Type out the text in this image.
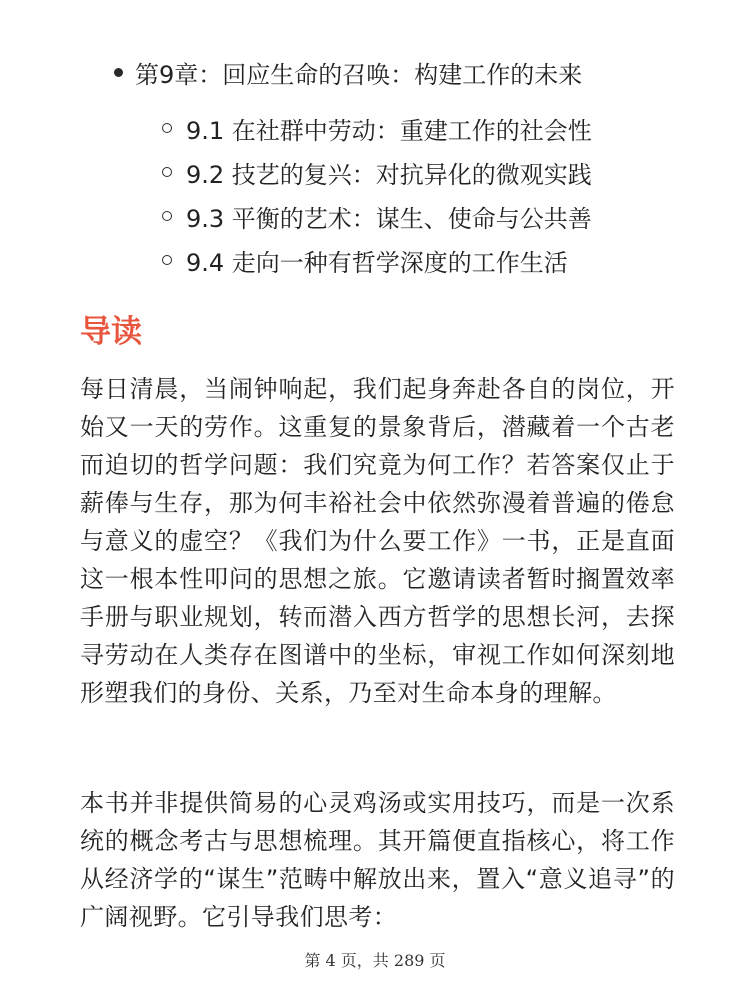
第9章：回应生命的召唤：构建工作的未来
9.1 在社群中劳动：重建工作的社会性
9.2 技艺的复兴：对抗异化的微观实践
9.3 平衡的艺术：谋生、使命与公共善
9.4 走向一种有哲学深度的工作生活
导读

每日清晨，当闹钟响起，我们起身奔赴各自的岗位，开始又一天的劳作。这重复的景象背后，潜藏着一个古老而迫切的哲学问题：我们究竟为何工作？若答案仅止于薪俸与生存，那为何丰裕社会中依然弥漫着普遍的倦怠与意义的虚空？《我们为什么要工作》一书，正是直面这一根本性叩问的思想之旅。它邀请读者暂时搁置效率手册与职业规划，转而潜入西方哲学的思想长河，去探寻劳动在人类存在图谱中的坐标，审视工作如何深刻地形塑我们的身份、关系，乃至对生命本身的理解。

本书并非提供简易的心灵鸡汤或实用技巧，而是一次系统的概念考古与思想梳理。其开篇便直指核心，将工作从经济学的“谋生”范畴中解放出来，置入“意义追寻”的广阔视野。它引导我们思考：

第 4 页，共 289 页
